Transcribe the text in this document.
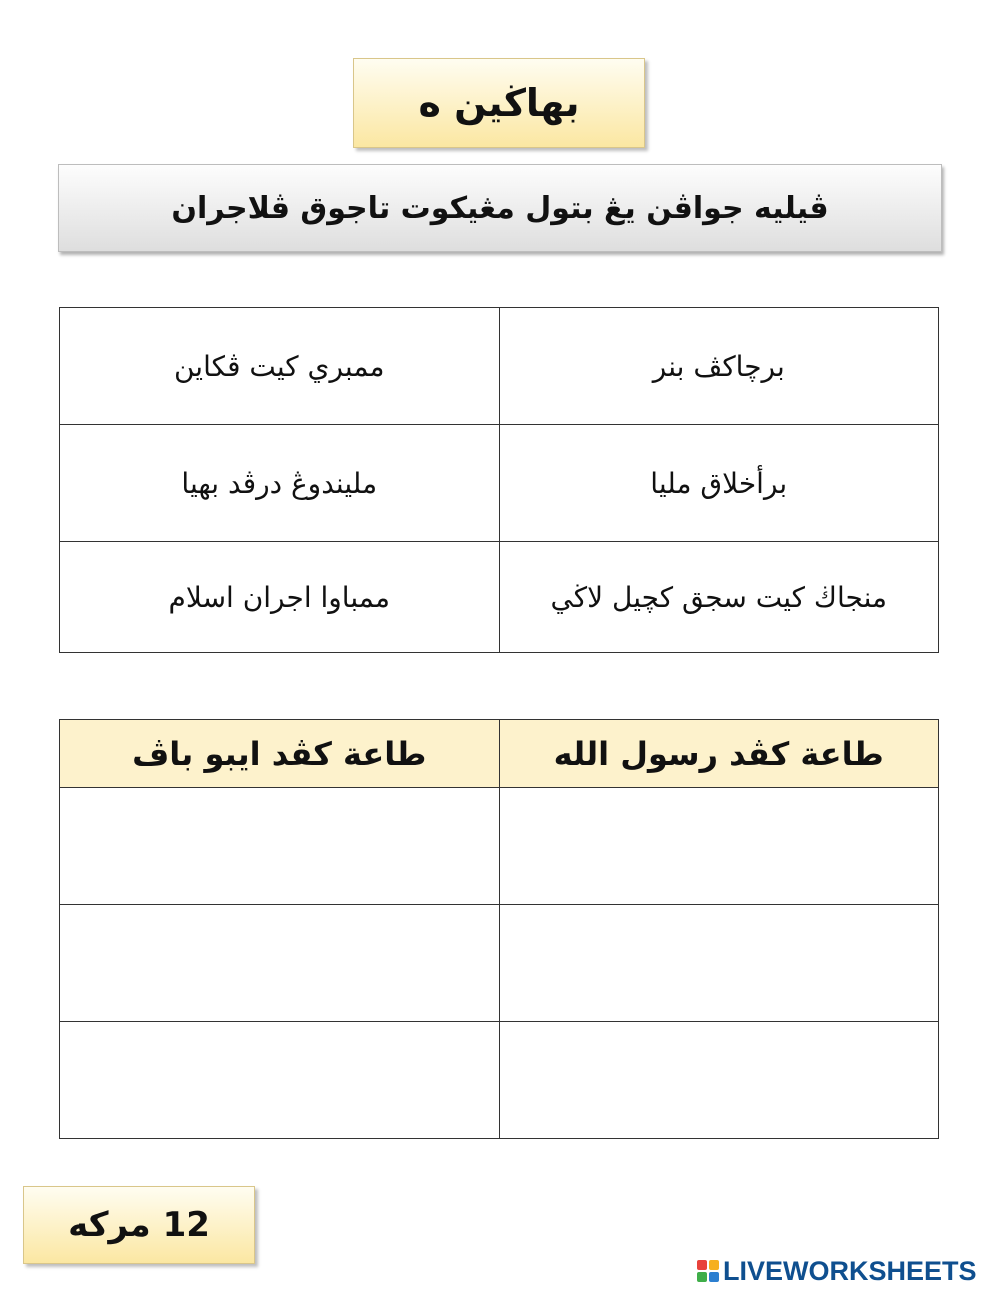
بهاڬين ه
ڤيليه جواڤن يڠ بتول مڠيكوت تاجوق ڤلاجران
ممبري كيت ڤكاين	برچاكڤ بنر
مليندوڠ درڤد بهيا	برأخلاق مليا
ممباوا اجران اسلام	منجاڬ كيت سجق كچيل لاڬي
طاعة كڤد ايبو باڤ	طاعة كڤد رسول الله

12 مركه
LIVEWORKSHEETS
